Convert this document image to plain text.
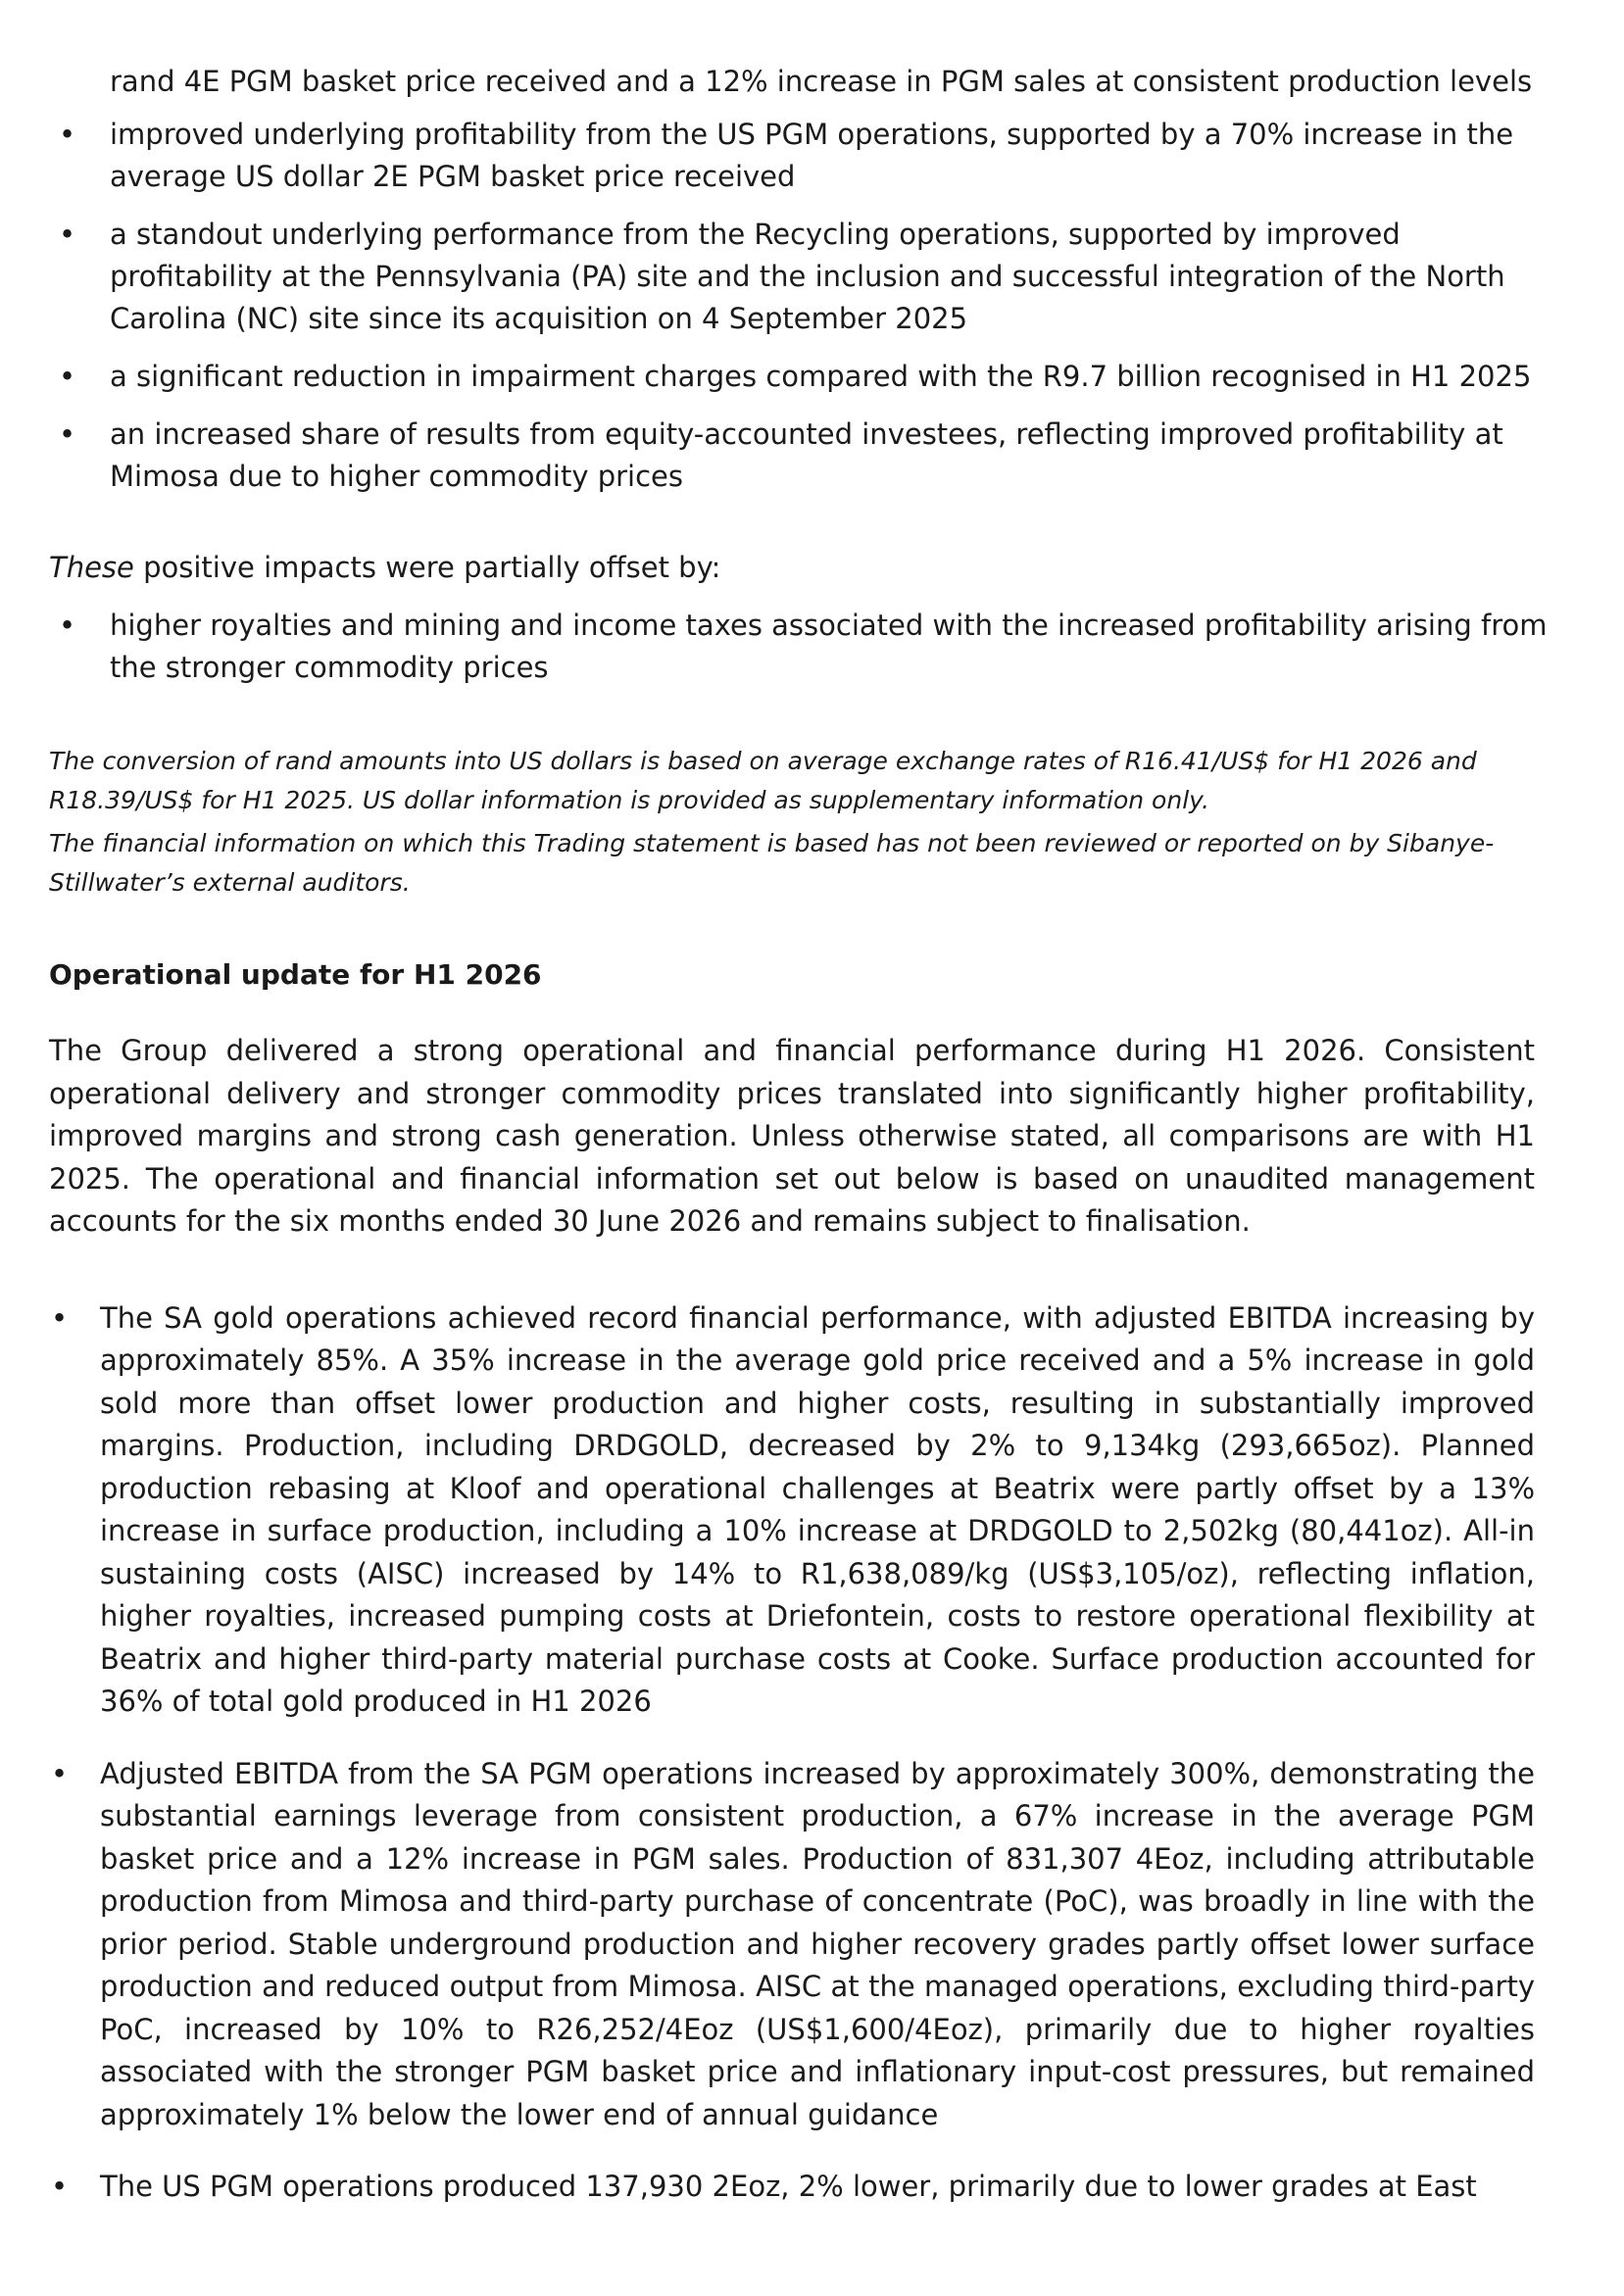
rand 4E PGM basket price received and a 12% increase in PGM sales at consistent production levels

• improved underlying profitability from the US PGM operations, supported by a 70% increase in the average US dollar 2E PGM basket price received
• a standout underlying performance from the Recycling operations, supported by improved profitability at the Pennsylvania (PA) site and the inclusion and successful integration of the North Carolina (NC) site since its acquisition on 4 September 2025
• a significant reduction in impairment charges compared with the R9.7 billion recognised in H1 2025
• an increased share of results from equity-accounted investees, reflecting improved profitability at Mimosa due to higher commodity prices

These positive impacts were partially offset by:

• higher royalties and mining and income taxes associated with the increased profitability arising from the stronger commodity prices

The conversion of rand amounts into US dollars is based on average exchange rates of R16.41/US$ for H1 2026 and R18.39/US$ for H1 2025. US dollar information is provided as supplementary information only.

The financial information on which this Trading statement is based has not been reviewed or reported on by Sibanye-Stillwater’s external auditors.

Operational update for H1 2026

The Group delivered a strong operational and financial performance during H1 2026. Consistent operational delivery and stronger commodity prices translated into significantly higher profitability, improved margins and strong cash generation. Unless otherwise stated, all comparisons are with H1 2025. The operational and financial information set out below is based on unaudited management accounts for the six months ended 30 June 2026 and remains subject to finalisation.

• The SA gold operations achieved record financial performance, with adjusted EBITDA increasing by approximately 85%. A 35% increase in the average gold price received and a 5% increase in gold sold more than offset lower production and higher costs, resulting in substantially improved margins. Production, including DRDGOLD, decreased by 2% to 9,134kg (293,665oz). Planned production rebasing at Kloof and operational challenges at Beatrix were partly offset by a 13% increase in surface production, including a 10% increase at DRDGOLD to 2,502kg (80,441oz). All-in sustaining costs (AISC) increased by 14% to R1,638,089/kg (US$3,105/oz), reflecting inflation, higher royalties, increased pumping costs at Driefontein, costs to restore operational flexibility at Beatrix and higher third-party material purchase costs at Cooke. Surface production accounted for 36% of total gold produced in H1 2026
• Adjusted EBITDA from the SA PGM operations increased by approximately 300%, demonstrating the substantial earnings leverage from consistent production, a 67% increase in the average PGM basket price and a 12% increase in PGM sales. Production of 831,307 4Eoz, including attributable production from Mimosa and third-party purchase of concentrate (PoC), was broadly in line with the prior period. Stable underground production and higher recovery grades partly offset lower surface production and reduced output from Mimosa. AISC at the managed operations, excluding third-party PoC, increased by 10% to R26,252/4Eoz (US$1,600/4Eoz), primarily due to higher royalties associated with the stronger PGM basket price and inflationary input-cost pressures, but remained approximately 1% below the lower end of annual guidance
• The US PGM operations produced 137,930 2Eoz, 2% lower, primarily due to lower grades at East
